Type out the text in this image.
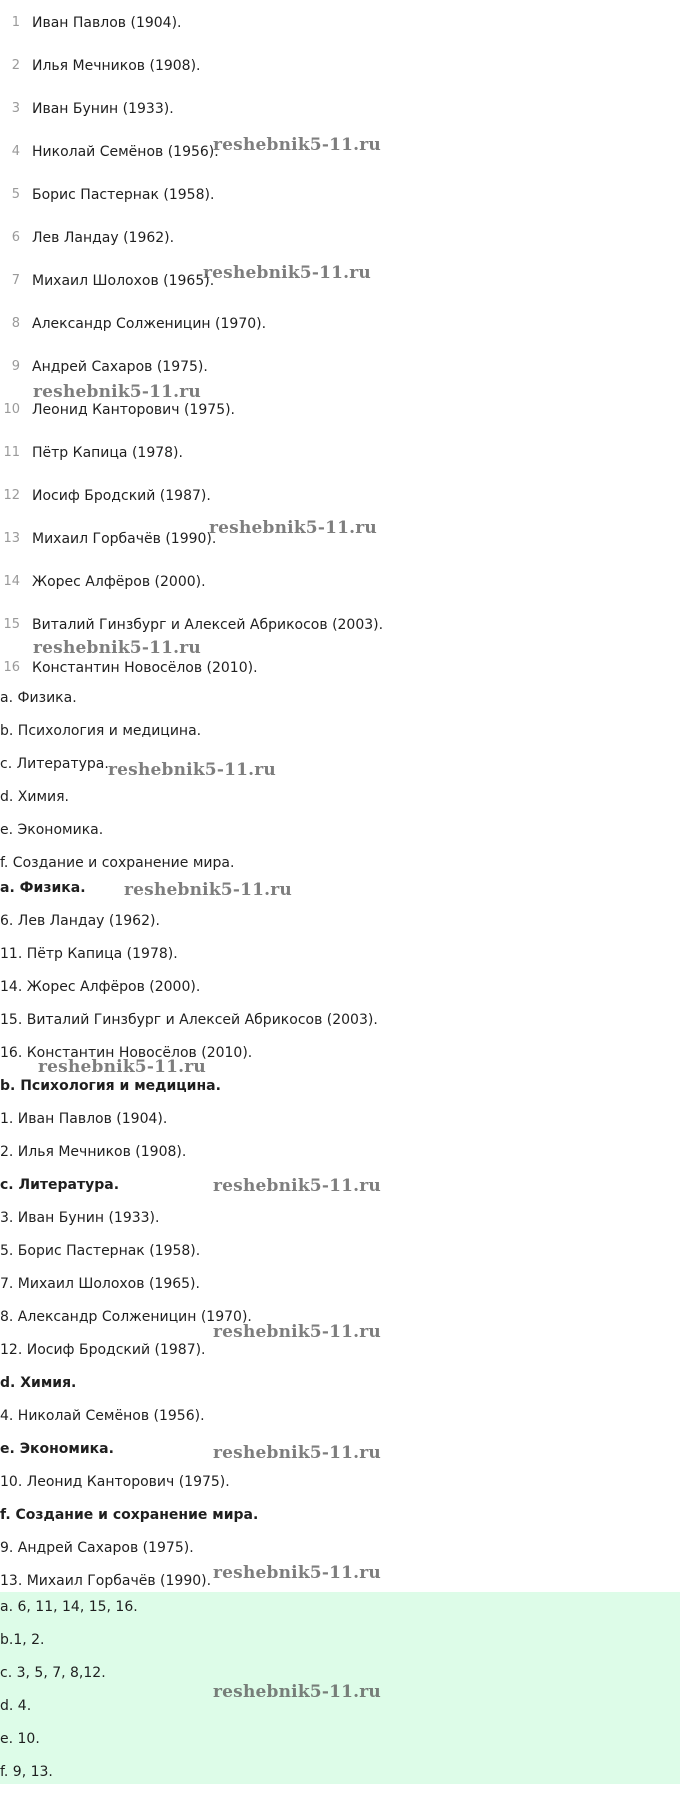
1 Иван Павлов (1904).
2 Илья Мечников (1908).
3 Иван Бунин (1933).
4 Николай Семёнов (1956).
5 Борис Пастернак (1958).
6 Лев Ландау (1962).
7 Михаил Шолохов (1965).
8 Александр Солженицин (1970).
9 Андрей Сахаров (1975).
10 Леонид Канторович (1975).
11 Пётр Капица (1978).
12 Иосиф Бродский (1987).
13 Михаил Горбачёв (1990).
14 Жорес Алфёров (2000).
15 Виталий Гинзбург и Алексей Абрикосов (2003).
16 Константин Новосёлов (2010).
a. Физика.
b. Психология и медицина.
c. Литература.
d. Химия.
e. Экономика.
f. Создание и сохранение мира.
a. Физика.
6. Лев Ландау (1962).
11. Пётр Капица (1978).
14. Жорес Алфёров (2000).
15. Виталий Гинзбург и Алексей Абрикосов (2003).
16. Константин Новосёлов (2010).
b. Психология и медицина.
1. Иван Павлов (1904).
2. Илья Мечников (1908).
c. Литература.
3. Иван Бунин (1933).
5. Борис Пастернак (1958).
7. Михаил Шолохов (1965).
8. Александр Солженицин (1970).
12. Иосиф Бродский (1987).
d. Химия.
4. Николай Семёнов (1956).
e. Экономика.
10. Леонид Канторович (1975).
f. Создание и сохранение мира.
9. Андрей Сахаров (1975).
13. Михаил Горбачёв (1990).
a. 6, 11, 14, 15, 16.
b.1, 2.
c. 3, 5, 7, 8,12.
d. 4.
e. 10.
f. 9, 13.
reshebnik5-11.ru
reshebnik5-11.ru
reshebnik5-11.ru
reshebnik5-11.ru
reshebnik5-11.ru
reshebnik5-11.ru
reshebnik5-11.ru
reshebnik5-11.ru
reshebnik5-11.ru
reshebnik5-11.ru
reshebnik5-11.ru
reshebnik5-11.ru
reshebnik5-11.ru
